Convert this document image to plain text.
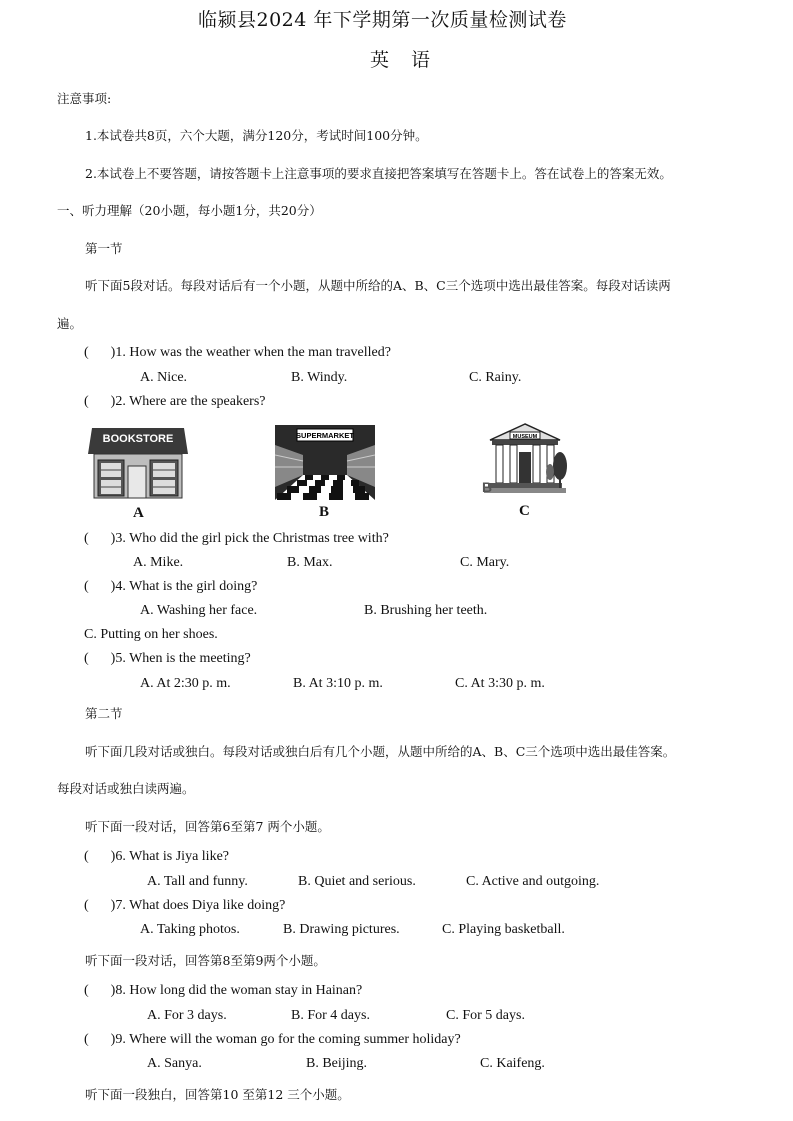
临颍县2024 年下学期第一次质量检测试卷
英 语
注意事项:
1.本试卷共8页，六个大题，满分120分，考试时间100分钟。
2.本试卷上不要答题，请按答题卡上注意事项的要求直接把答案填写在答题卡上。答在试卷上的答案无效。
一、听力理解（20小题，每小题1分，共20分）
第一节
听下面5段对话。每段对话后有一个小题，从题中所给的A、B、C三个选项中选出最佳答案。每段对话读两
遍。
( )1. How was the weather when the man travelled?
A. Nice.	B. Windy.	C. Rainy.
( )2. Where are the speakers?
BOOKSTORE
A
SUPERMARKET
B
MUSEUM
B
C
( )3. Who did the girl pick the Christmas tree with?
A. Mike.	B. Max.	C. Mary.
( )4. What is the girl doing?
A. Washing her face.	B. Brushing her teeth.
C. Putting on her shoes.
( )5. When is the meeting?
A. At 2:30 p. m.	B. At 3:10 p. m.	C. At 3:30 p. m.
第二节
听下面几段对话或独白。每段对话或独白后有几个小题，从题中所给的A、B、C三个选项中选出最佳答案。
每段对话或独白读两遍。
听下面一段对话，回答第6至第7 两个小题。
( )6. What is Jiya like?
A. Tall and funny.	B. Quiet and serious.	C. Active and outgoing.
( )7. What does Diya like doing?
A. Taking photos.	B. Drawing pictures.	C. Playing basketball.
听下面一段对话，回答第8至第9两个小题。
( )8. How long did the woman stay in Hainan?
A. For 3 days.	B. For 4 days.	C. For 5 days.
( )9. Where will the woman go for the coming summer holiday?
A. Sanya.	B. Beijing.	C. Kaifeng.
听下面一段独白，回答第10 至第12 三个小题。
